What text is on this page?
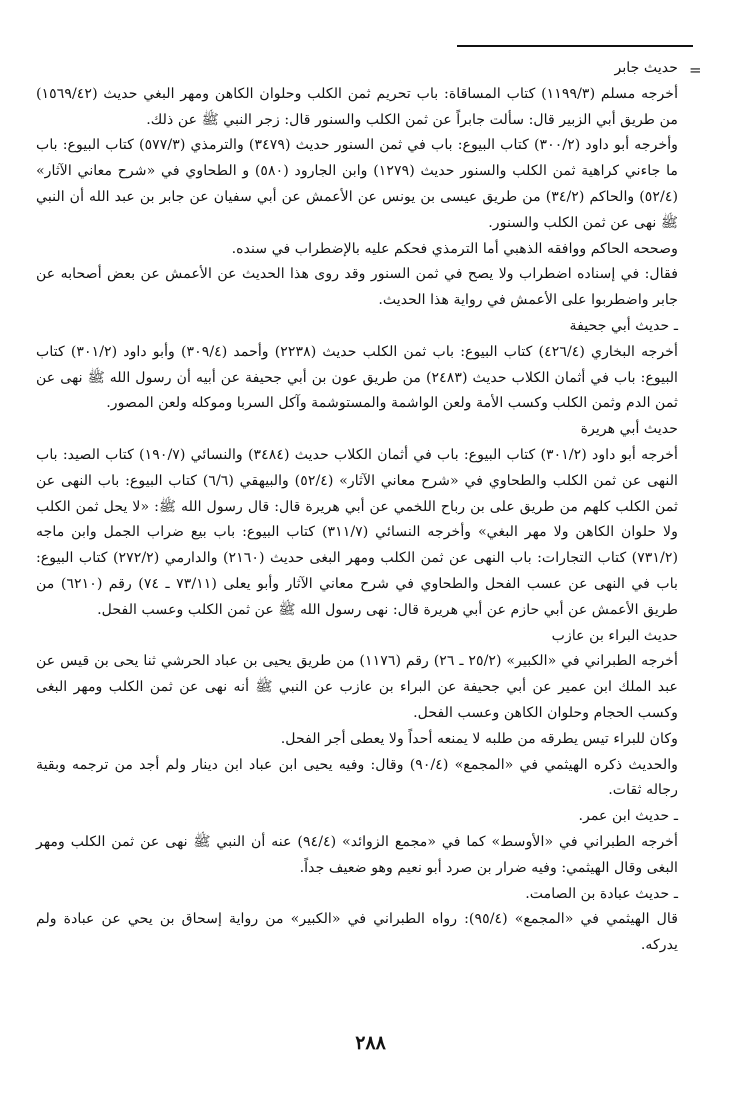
=

حديث جابر

أخرجه مسلم (١١٩٩/٣) كتاب المساقاة: باب تحريم ثمن الكلب وحلوان الكاهن ومهر البغي حديث (١٥٦٩/٤٢) من طريق أبي الزبير قال: سألت جابراً عن ثمن الكلب والسنور قال: زجر النبي ﷺ عن ذلك.

وأخرجه أبو داود (٣٠٠/٢) كتاب البيوع: باب في ثمن السنور حديث (٣٤٧٩) والترمذي (٥٧٧/٣) كتاب البيوع: باب ما جاءني كراهية ثمن الكلب والسنور حديث (١٢٧٩) وابن الجارود (٥٨٠) و الطحاوي في «شرح معاني الآثار» (٥٢/٤) والحاكم (٣٤/٢) من طريق عيسى بن يونس عن الأعمش عن أبي سفيان عن جابر بن عبد الله أن النبي ﷺ نهى عن ثمن الكلب والسنور.

وصححه الحاكم ووافقه الذهبي أما الترمذي فحكم عليه بالإضطراب في سنده.

فقال: في إسناده اضطراب ولا يصح في ثمن السنور وقد روى هذا الحديث عن الأعمش عن بعض أصحابه عن جابر واضطربوا على الأعمش في رواية هذا الحديث.

ـ حديث أبي جحيفة

أخرجه البخاري (٤٢٦/٤) كتاب البيوع: باب ثمن الكلب حديث (٢٢٣٨) وأحمد (٣٠٩/٤) وأبو داود (٣٠١/٢) كتاب البيوع: باب في أثمان الكلاب حديث (٢٤٨٣) من طريق عون بن أبي جحيفة عن أبيه أن رسول الله ﷺ نهى عن ثمن الدم وثمن الكلب وكسب الأمة ولعن الواشمة والمستوشمة وآكل السربا وموكله ولعن المصور.

حديث أبي هريرة

أخرجه أبو داود (٣٠١/٢) كتاب البيوع: باب في أثمان الكلاب حديث (٣٤٨٤) والنسائي (١٩٠/٧) كتاب الصيد: باب النهى عن ثمن الكلب والطحاوي في «شرح معاني الآثار» (٥٢/٤) والبيهقي (٦/٦) كتاب البيوع: باب النهى عن ثمن الكلب كلهم من طريق على بن رباح اللخمي عن أبي هريرة قال: قال رسول الله ﷺ: «لا يحل ثمن الكلب ولا حلوان الكاهن ولا مهر البغي» وأخرجه النسائي (٣١١/٧) كتاب البيوع: باب بيع ضراب الجمل وابن ماجه (٧٣١/٢) كتاب التجارات: باب النهى عن ثمن الكلب ومهر البغى حديث (٢١٦٠) والدارمي (٢٧٢/٢) كتاب البيوع: باب في النهى عن عسب الفحل والطحاوي في شرح معاني الآثار وأبو يعلى (٧٣/١١ ـ ٧٤) رقم (٦٢١٠) من طريق الأعمش عن أبي حازم عن أبي هريرة قال: نهى رسول الله ﷺ عن ثمن الكلب وعسب الفحل.

حديث البراء بن عازب

أخرجه الطبراني في «الكبير» (٢٥/٢ ـ ٢٦) رقم (١١٧٦) من طريق يحيى بن عباد الحرشي ثنا يحى بن قيس عن عبد الملك ابن عمير عن أبي جحيفة عن البراء بن عازب عن النبي ﷺ أنه نهى عن ثمن الكلب ومهر البغى وكسب الحجام وحلوان الكاهن وعسب الفحل.

وكان للبراء تيس يطرقه من طلبه لا يمنعه أحداً ولا يعطى أجر الفحل.

والحديث ذكره الهيثمي في «المجمع» (٩٠/٤) وقال: وفيه يحيى ابن عباد ابن دينار ولم أجد من ترجمه وبقية رجاله ثقات.

ـ حديث ابن عمر.

أخرجه الطبراني في «الأوسط» كما في «مجمع الزوائد» (٩٤/٤) عنه أن النبي ﷺ نهى عن ثمن الكلب ومهر البغى وقال الهيثمي: وفيه ضرار بن صرد أبو نعيم وهو ضعيف جداً.

ـ حديث عبادة بن الصامت.

قال الهيثمي في «المجمع» (٩٥/٤): رواه الطبراني في «الكبير» من رواية إسحاق بن يحي عن عبادة ولم يدركه.

٢٨٨
